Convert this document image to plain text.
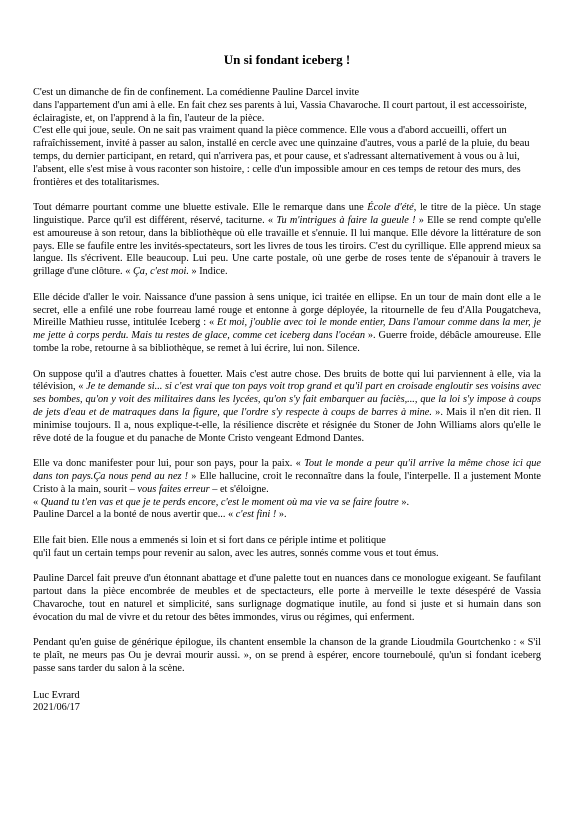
Un si fondant iceberg !

C'est un dimanche de fin de confinement. La comédienne Pauline Darcel invite
dans l'appartement d'un ami à elle. En fait chez ses parents à lui, Vassia Chavaroche. Il court partout, il est accessoiriste, éclairagiste, et, on l'apprend à la fin, l'auteur de la pièce.
C'est elle qui joue, seule. On ne sait pas vraiment quand la pièce commence. Elle vous a d'abord accueilli, offert un rafraîchissement, invité à passer au salon, installé en cercle avec une quinzaine d'autres, vous a parlé de la pluie, du beau temps, du dernier participant, en retard, qui n'arrivera pas, et pour cause, et s'adressant alternativement à vous ou à lui, l'absent, elle s'est mise à vous raconter son histoire, : celle d'un impossible amour en ces temps de retour des murs, des frontières et des totalitarismes.

Tout démarre pourtant comme une bluette estivale. Elle le remarque dans une École d'été, le titre de la pièce. Un stage linguistique. Parce qu'il est différent, réservé, taciturne. « Tu m'intrigues à faire la gueule ! » Elle se rend compte qu'elle est amoureuse à son retour, dans la bibliothèque où elle travaille et s'ennuie. Il lui manque. Elle dévore la littérature de son pays. Elle se faufile entre les invités-spectateurs, sort les livres de tous les tiroirs. C'est du cyrillique. Elle apprend mieux sa langue. Ils s'écrivent. Elle beaucoup. Lui peu. Une carte postale, où une gerbe de roses tente de s'épanouir à travers le grillage d'une clôture. « Ça, c'est moi. » Indice.

Elle décide d'aller le voir. Naissance d'une passion à sens unique, ici traitée en ellipse. En un tour de main dont elle a le secret, elle a enfilé une robe fourreau lamé rouge et entonne à gorge déployée, la ritournelle de feu d'Alla Pougatcheva, Mireille Mathieu russe, intitulée Iceberg : « Et moi, j'oublie avec toi le monde entier, Dans l'amour comme dans la mer, je me jette à corps perdu. Mais tu restes de glace, comme cet iceberg dans l'océan ». Guerre froide, débâcle amoureuse. Elle tombe la robe, retourne à sa bibliothèque, se remet à lui écrire, lui non. Silence.

On suppose qu'il a d'autres chattes à fouetter. Mais c'est autre chose. Des bruits de botte qui lui parviennent à elle, via la télévision, « Je te demande si... si c'est vrai que ton pays voit trop grand et qu'il part en croisade engloutir ses voisins avec ses bombes, qu'on y voit des militaires dans les lycées, qu'on s'y fait embarquer au faciès,..., que la loi s'y impose à coups de jets d'eau et de matraques dans la figure, que l'ordre s'y respecte à coups de barres à mine. ». Mais il n'en dit rien. Il minimise toujours. Il a, nous explique-t-elle, la résilience discrète et résignée du Stoner de John Williams alors qu'elle le rêve doté de la fougue et du panache de Monte Cristo vengeant Edmond Dantes.

Elle va donc manifester pour lui, pour son pays, pour la paix. « Tout le monde a peur qu'il arrive la même chose ici que dans ton pays.Ça nous pend au nez ! » Elle hallucine, croit le reconnaître dans la foule, l'interpelle. Il a justement Monte Cristo à la main, sourit – vous faites erreur – et s'éloigne.
« Quand tu t'en vas et que je te perds encore, c'est le moment où ma vie va se faire foutre ».
Pauline Darcel a la bonté de nous avertir que... « c'est fini ! ».

Elle fait bien. Elle nous a emmenés si loin et si fort dans ce périple intime et politique
qu'il faut un certain temps pour revenir au salon, avec les autres, sonnés comme vous et tout émus.

Pauline Darcel fait preuve d'un étonnant abattage et d'une palette tout en nuances dans ce monologue exigeant. Se faufilant partout dans la pièce encombrée de meubles et de spectacteurs, elle porte à merveille le texte désespéré de Vassia Chavaroche, tout en naturel et simplicité, sans surlignage dogmatique inutile, au fond si juste et si humain dans son évocation du mal de vivre et du retour des bêtes immondes, virus ou régimes, qui enferment.

Pendant qu'en guise de générique épilogue, ils chantent ensemble la chanson de la grande Lioudmila Gourtchenko : « S'il te plaît, ne meurs pas Ou je devrai mourir aussi. », on se prend à espérer, encore tourneboulé, qu'un si fondant iceberg passe sans tarder du salon à la scène.

Luc Evrard
2021/06/17
